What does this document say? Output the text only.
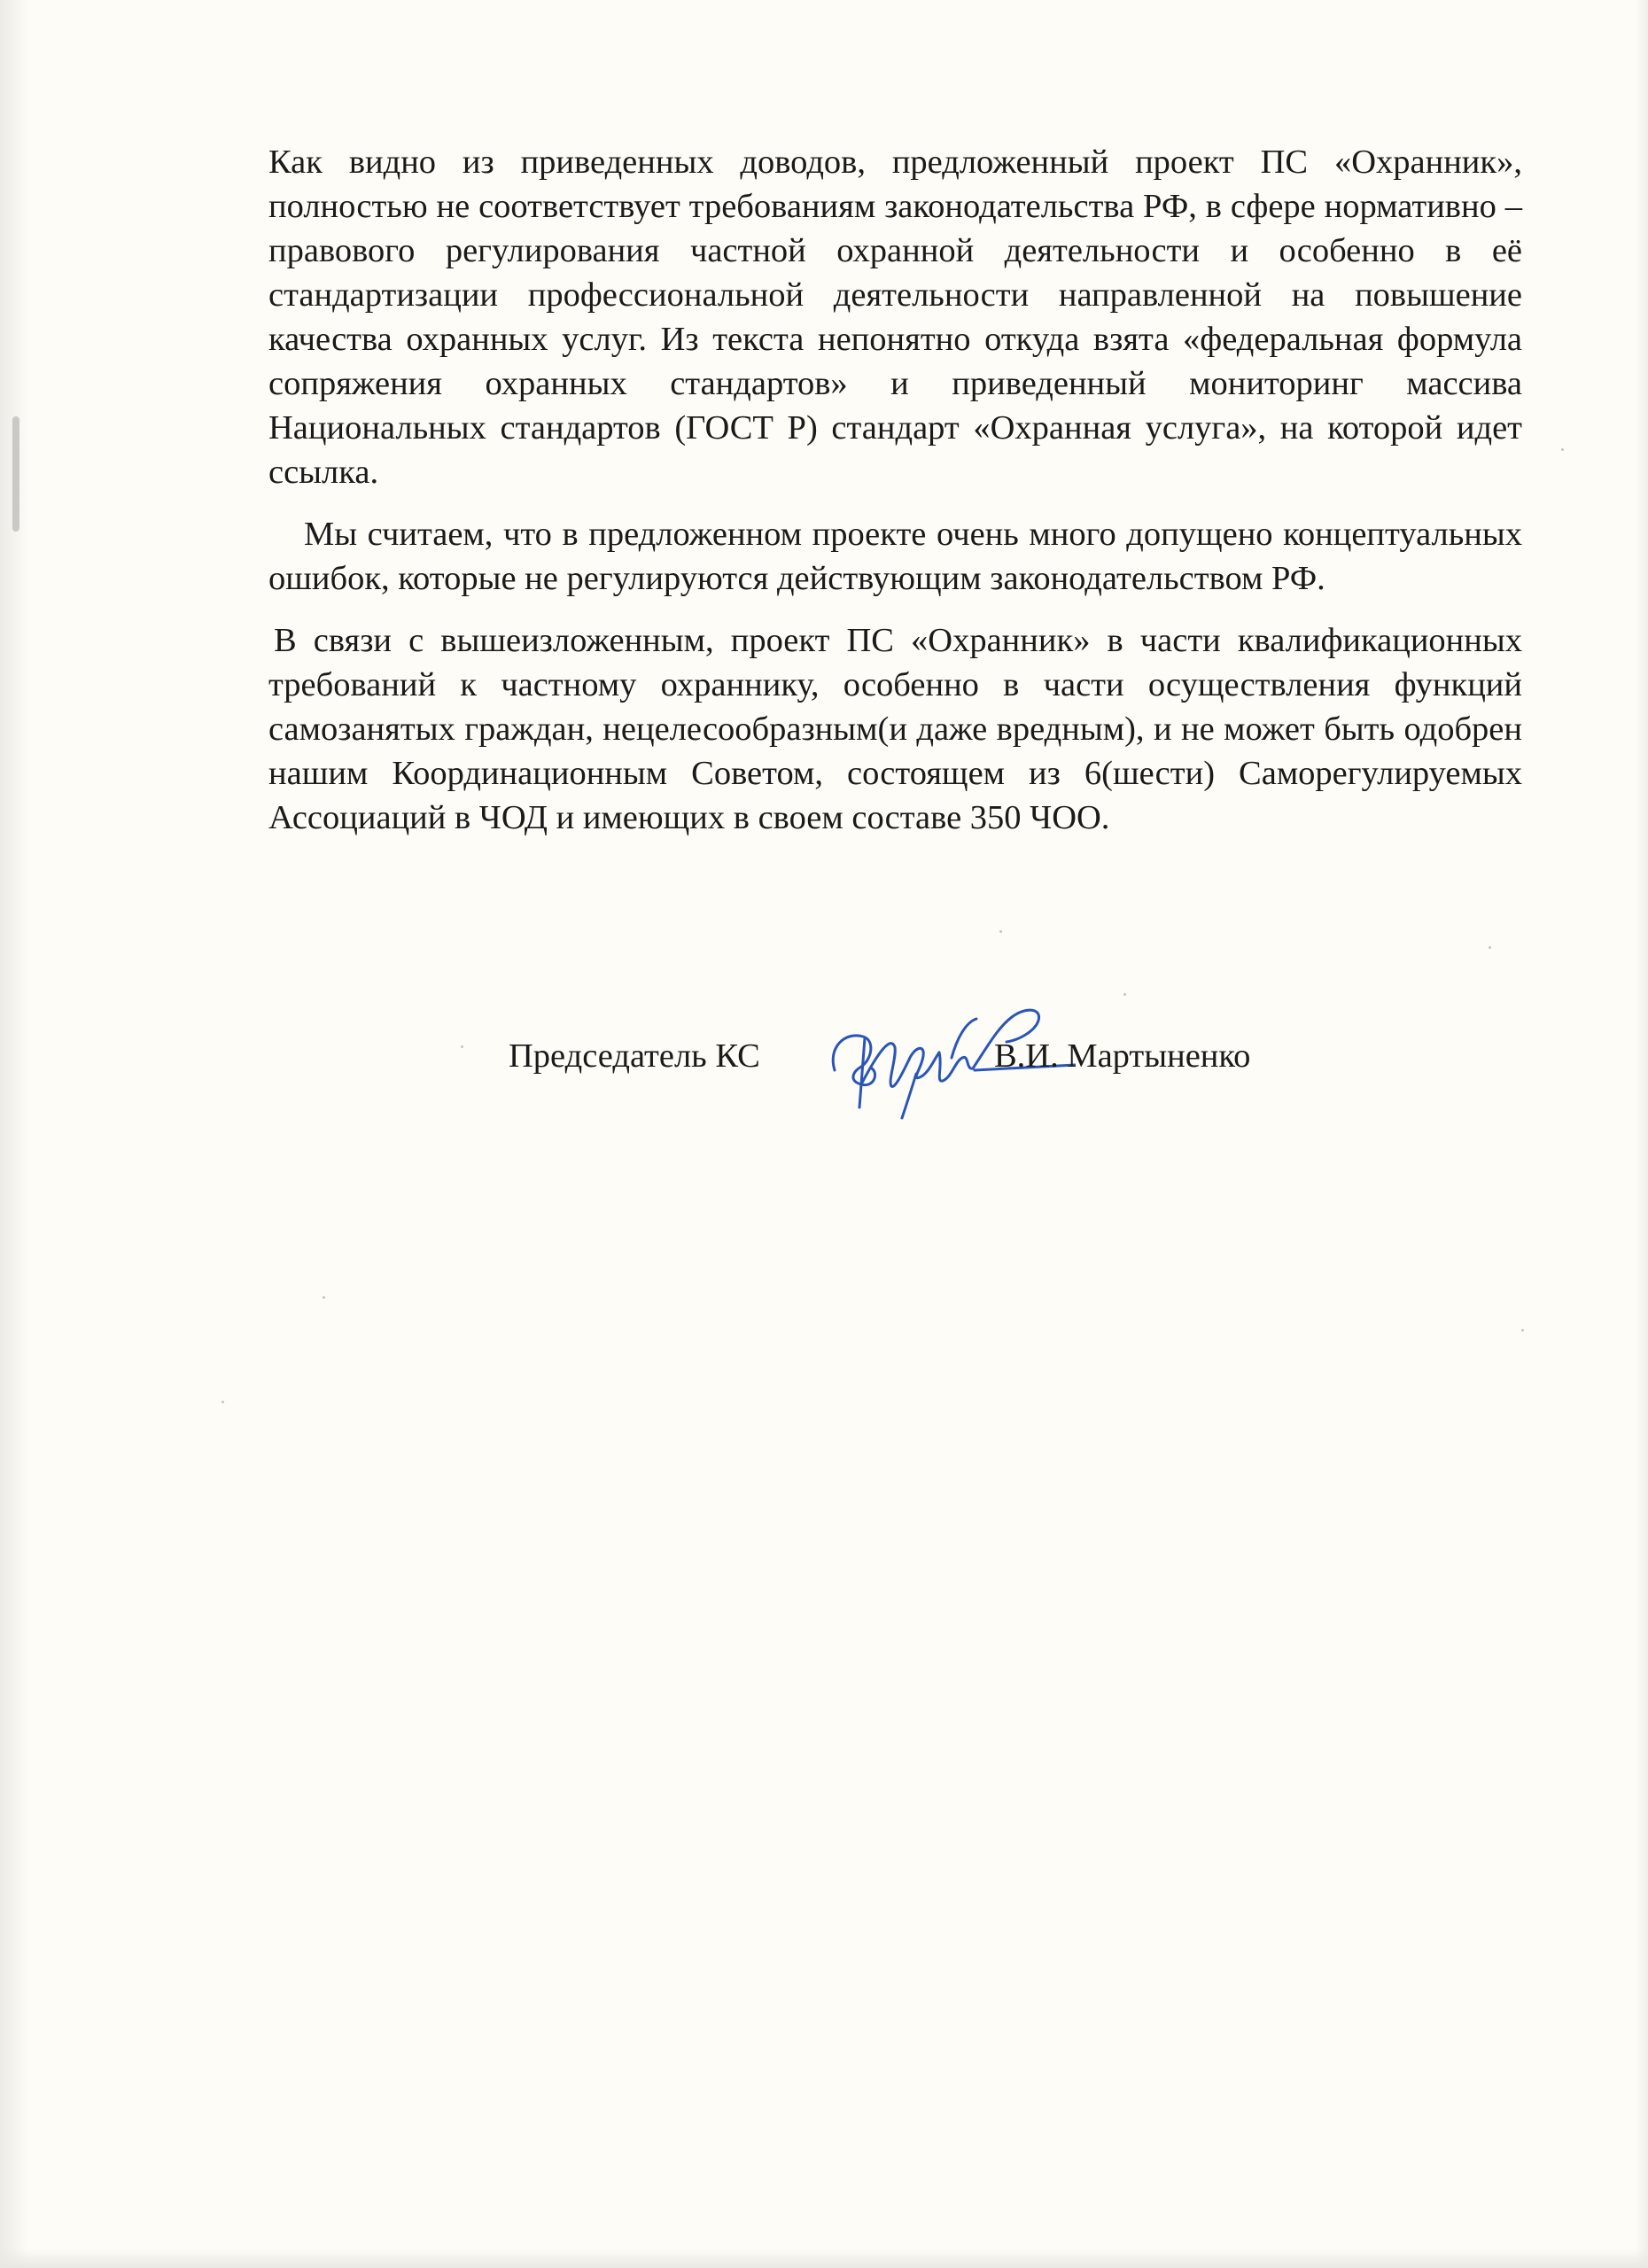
Как видно из приведенных доводов, предложенный проект ПС «Охранник», полностью не соответствует требованиям законодательства РФ, в сфере нормативно – правового регулирования частной охранной деятельности и особенно в её стандартизации профессиональной деятельности направленной на повышение качества охранных услуг. Из текста непонятно откуда взята «федеральная формула сопряжения охранных стандартов» и приведенный мониторинг массива Национальных стандартов (ГОСТ Р) стандарт «Охранная услуга», на которой идет ссылка.

Мы считаем, что в предложенном проекте очень много допущено концептуальных ошибок, которые не регулируются действующим законодательством РФ.

В связи с вышеизложенным, проект ПС «Охранник» в части квалификационных требований к частному охраннику, особенно в части осуществления функций самозанятых граждан, нецелесообразным(и даже вредным), и не может быть одобрен нашим Координационным Советом, состоящем из 6(шести) Саморегулируемых Ассоциаций в ЧОД и имеющих в своем составе 350 ЧОО.

Председатель КС	В.И. Мартыненко
